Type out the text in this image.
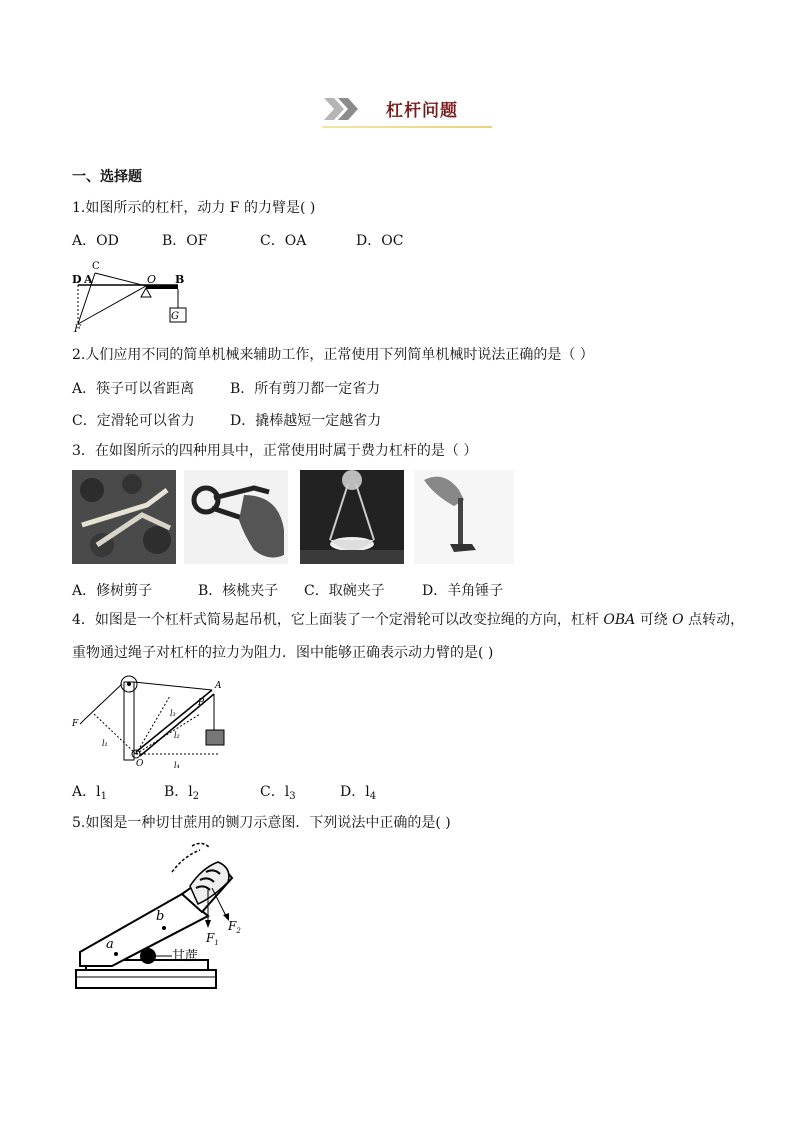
杠杆问题
一、选择题
1.如图所示的杠杆，动力 F 的力臂是( )
A．OD	B．OF	C．OA	D．OC
G
D A
C
O B
F
2.人们应用不同的简单机械来辅助工作，正常使用下列简单机械时说法正确的是（ ）
A．筷子可以省距离	B．所有剪刀都一定省力
C．定滑轮可以省力	D．撬棒越短一定越省力
3．在如图所示的四种用具中，正常使用时属于费力杠杆的是（ ）
A．修树剪子	B．核桃夹子 C．取碗夹子	D．羊角锤子
4．如图是一个杠杆式简易起吊机，它上面装了一个定滑轮可以改变拉绳的方向，杠杆 OBA 可绕 O 点转动，
重物通过绳子对杠杆的拉力为阻力．图中能够正确表示动力臂的是( )
F
A
B
O
l₁
l₃
l₂
l₄
A．$l_1$	B．$l_2$	C．$l_3$	D．$l_4$
5.如图是一种切甘蔗用的铡刀示意图．下列说法中正确的是( )
a
b
$F_1$
$F_2$
甘蔗
